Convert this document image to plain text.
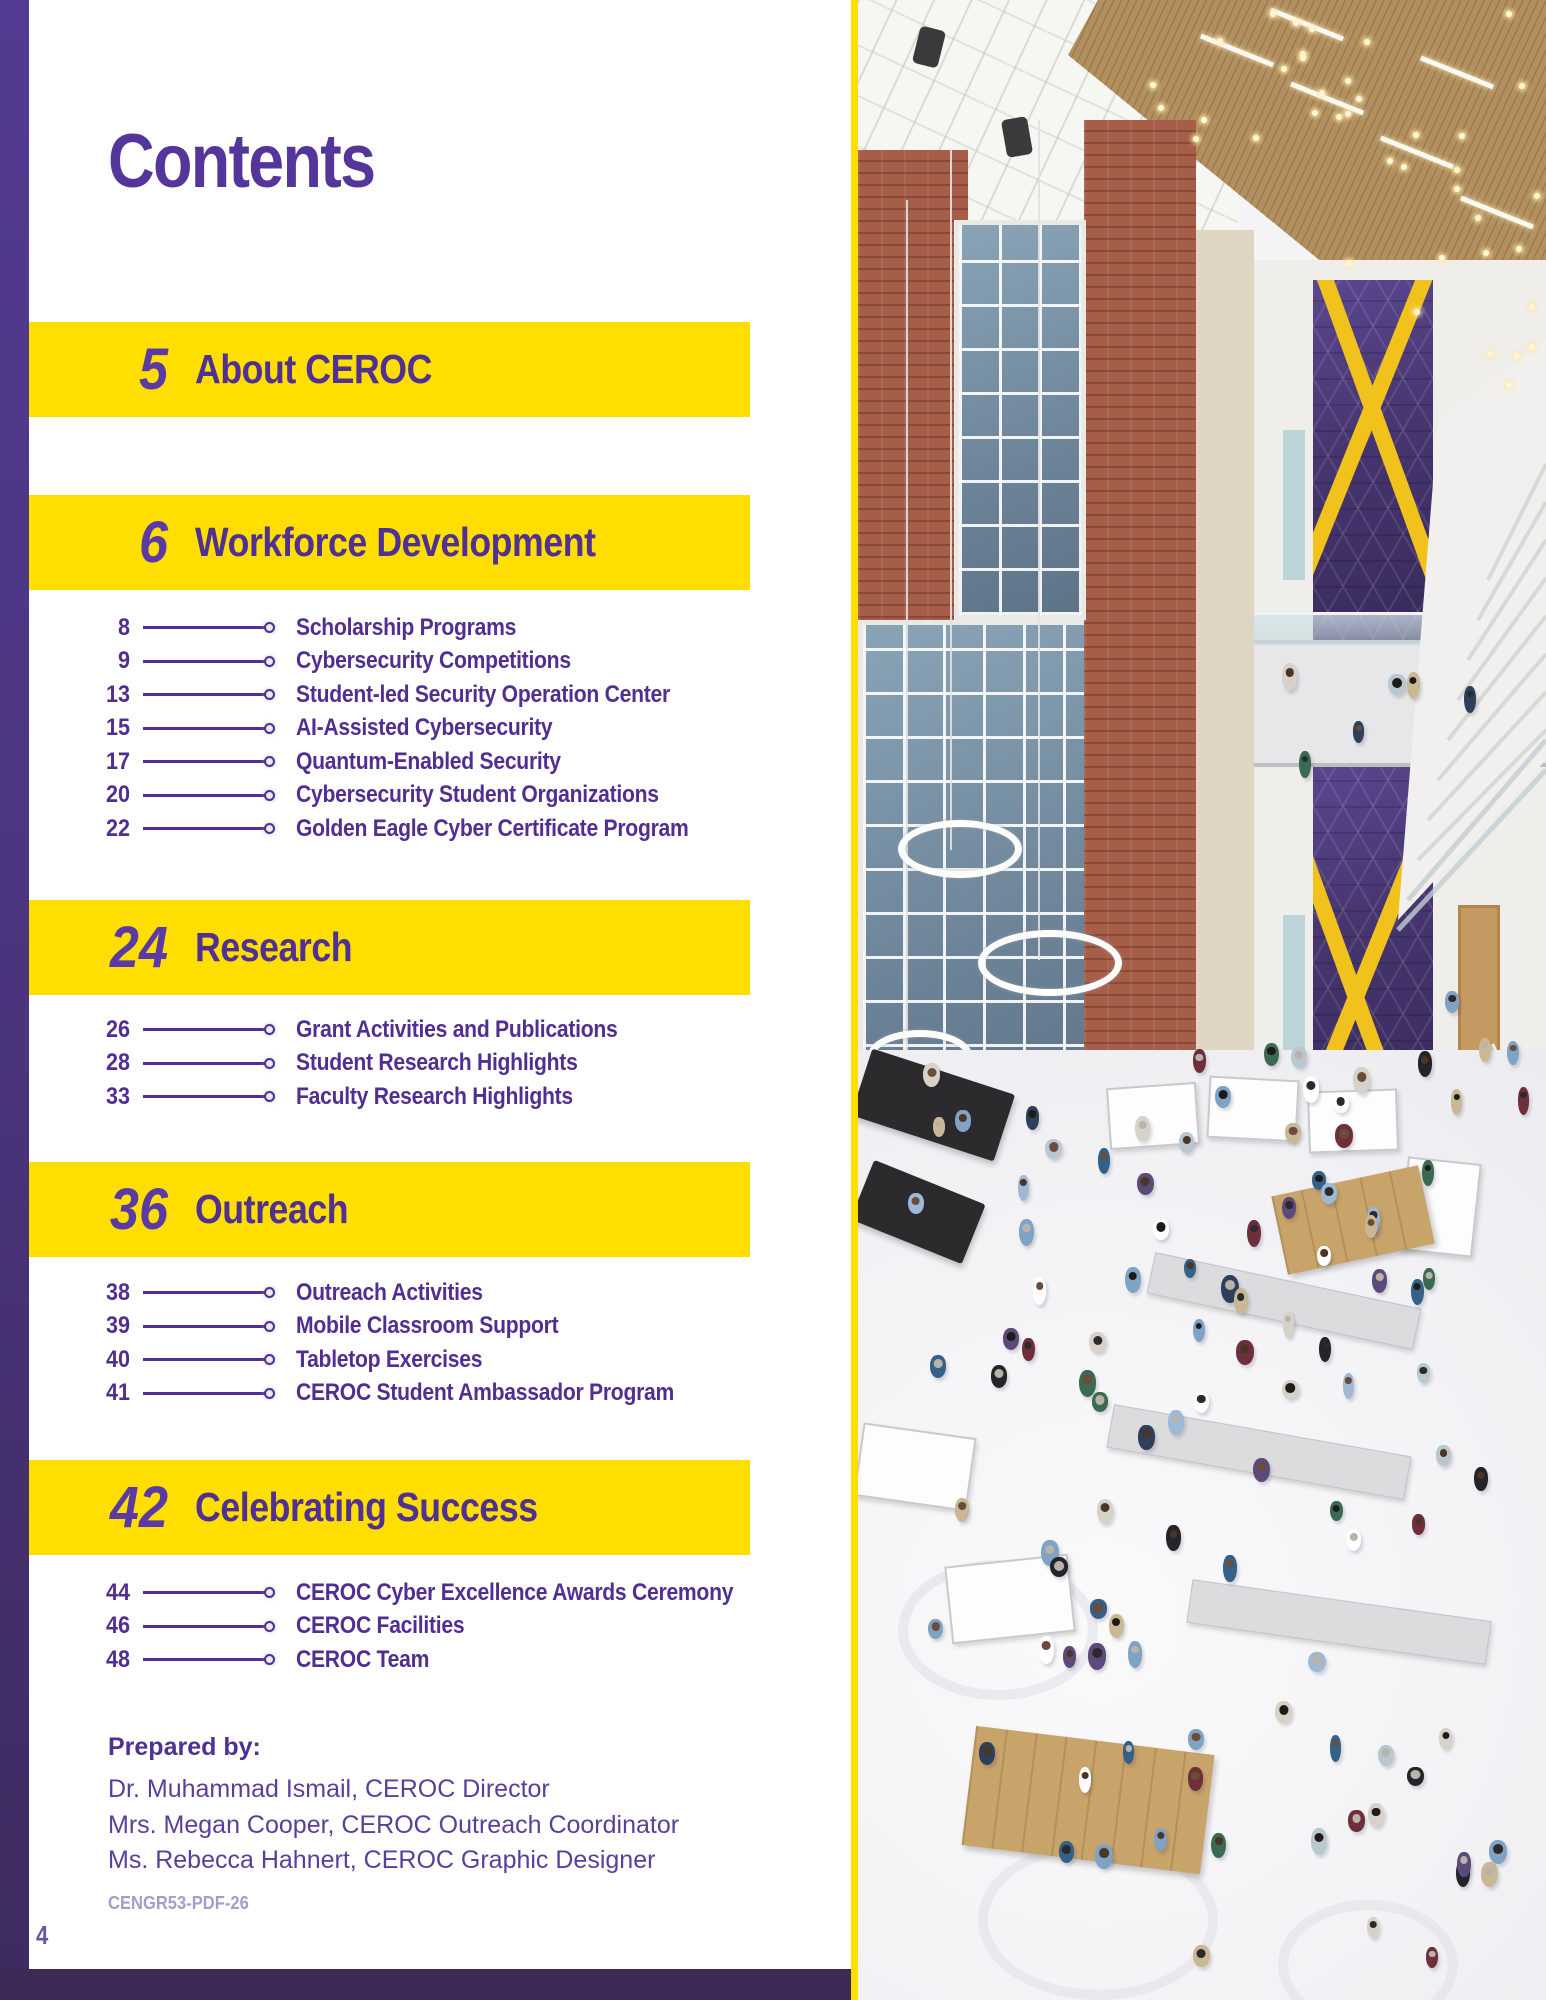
Contents
5 About CEROC
6 Workforce Development
8	Scholarship Programs
9	Cybersecurity Competitions
13	Student-led Security Operation Center
15	AI-Assisted Cybersecurity
17	Quantum-Enabled Security
20	Cybersecurity Student Organizations
22	Golden Eagle Cyber Certificate Program
24 Research
26	Grant Activities and Publications
28	Student Research Highlights
33	Faculty Research Highlights
36 Outreach
38	Outreach Activities
39	Mobile Classroom Support
40	Tabletop Exercises
41	CEROC Student Ambassador Program
42 Celebrating Success
44	CEROC Cyber Excellence Awards Ceremony
46	CEROC Facilities
48	CEROC Team
Prepared by:
Dr. Muhammad Ismail, CEROC Director
Mrs. Megan Cooper, CEROC Outreach Coordinator
Ms. Rebecca Hahnert, CEROC Graphic Designer
CENGR53-PDF-26
4
